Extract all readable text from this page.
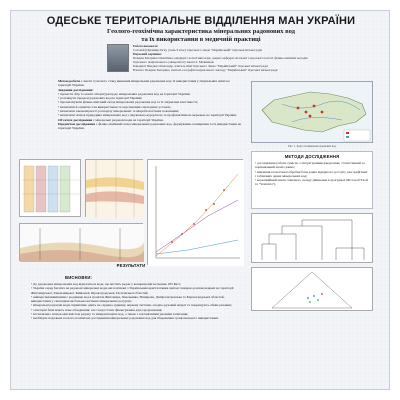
ОДЕСЬКЕ ТЕРИТОРІАЛЬНЕ ВІДДІЛЕННЯ МАН УКРАЇНИ
Гeолого-геохімічна характеристика мінеральних радонових вод
та їх використання в медичній практиці
Робота виконала:
Соловей (Прізвище Ім'я), учень 9 класу Одеського ліцею "Мариїнський" Одеської міської ради
Науковий керівник:
Пендюк Катерина Олексіївна, кандидат геологічних наук, доцент кафедри загальної і морської геології, фізико-хімічних методів
Одеського національного університету імені І.І. Мечникова
Кандидат Пендюк Олександр, вчитель хімії Одеського ліцею "Мариїнський" Одеської міської ради
Вченого Пендюк Катерина, вчитель географії комунального закладу "Мариїнський" Одеської міської ради
Метою роботи є аналіз сучасного стану вивчення мінеральних радонових вод, їх використання у лікувальних цілях на території України.
Завдання дослідження:
• провести збір та аналіз літератури щодо мінеральних радонових вод на території України;
• розглянути процеси радонових вод на території України;
• проаналізувати фізико-хімічний склад мінеральних радонових вод та їх лікувальні властивості;
• визначити й оцінити стан використання та перспективи санаторних установ;
• визначити закономірності розподілу мінеральних та мікробіологічних показників;
• визначити зв'язок природних мінеральних вод з лікувально-курортною та профілактичною мережею на території України.
Об'єктом дослідження є мінеральні радонові води на території України.
Предметом дослідження є фізико-хімічний склад мінеральних радонових вод, формування, поширення та їх використання на території України.
Рис. 1. Карта поширення радонових вод
РЕЗУЛЬТАТИ
МЕТОДИ ДОСЛІДЖЕННЯ
• дослідження роботи сумісно з літературними джерелами, статистичний та порівняльний аналіз даних;
• вивчення геологічної обробки бази даних відкритого доступу для графічних і табличних даних мінеральних вод;
• кореляційний аналіз хімічного складу (вивчення в програмах Microsoft Excel та "Statistica").
ВИСНОВКИ:
• До радонових мінеральних вод відноситься вода, що містить радон у концентрації не менше 185 Бк/л;
• Україна серед багатих на радонові мінеральні води, які пов'язані з Українським кристалічним щитом і широко розповсюджені на території Житомирської, Хмельницької, Київської, Кіровоградської, Полтавської областей;
• найперспективнішими є родовища вод в гранітах Житомира, Хмельника, Немирова, Дніпропетровська та Кіровоградської областей, використання у санаторіях як бальнеологічних мінеральних ресурсів;
• мінеральні радонові води сприятливо діють на серцево-судинну, нервову системи, опорно-руховий апарат та покращують обмін речовин;
• санаторні бази мають нове обладнання, але і недостатнє фінансування для оздоровлення;
• встановлено зв'язок між вмістом радону та мінералізацією вод, а також з тектонічними умовами залягання;
• необхідне подальше геолого-геохімічне дослідження мінеральних радонових вод для збереження і раціонального використання.
